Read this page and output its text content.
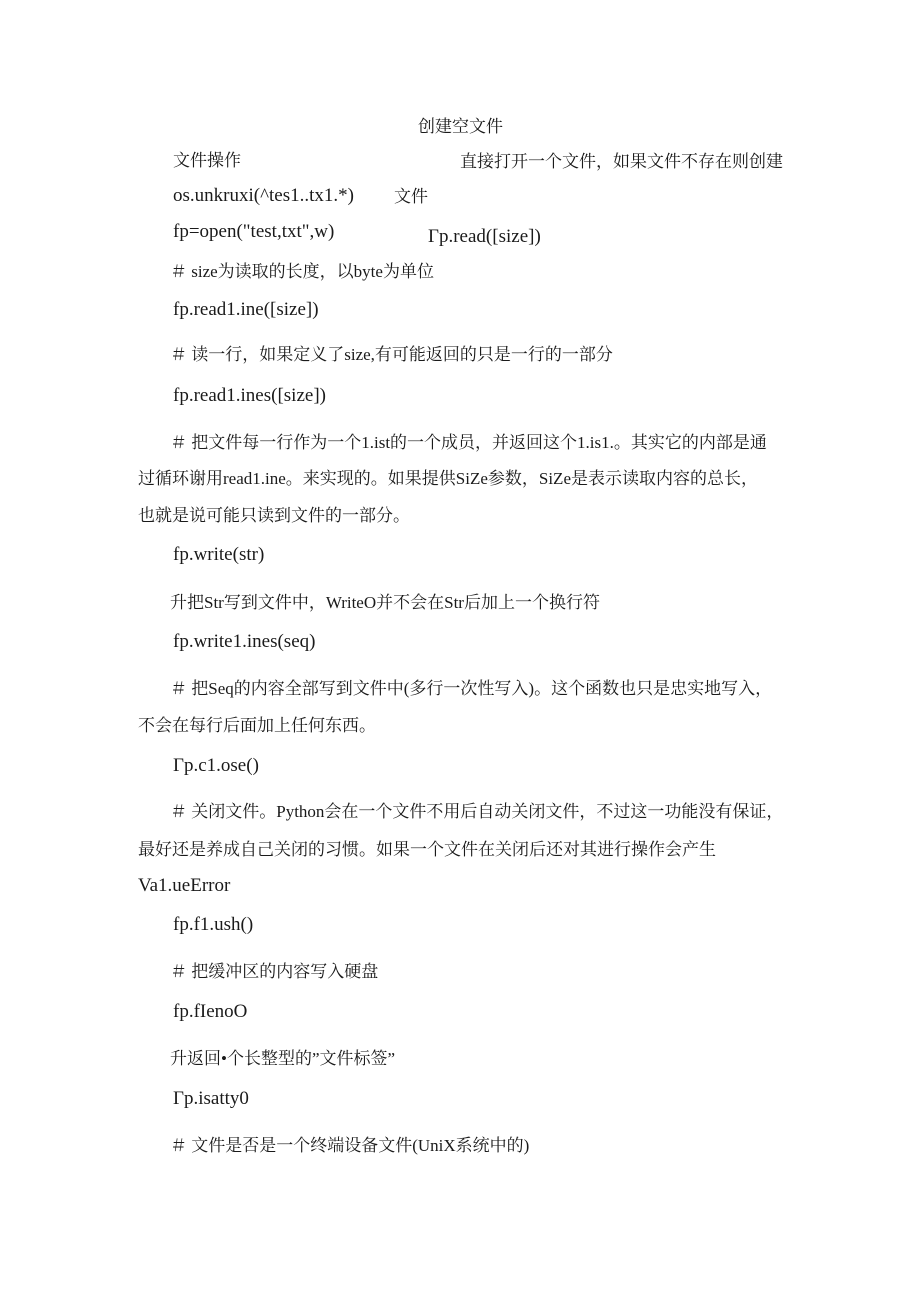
创建空文件
文件操作	直接打开一个文件，如果文件不存在则创建
os.unkruxi(^tes1..tx1.*) 文件
fp=open("test,txt",w)	Γp.read([size])
＃ size为读取的长度，以byte为单位
fp.read1.ine([size])
＃ 读一行，如果定义了size,有可能返回的只是一行的一部分
fp.read1.ines([size])
＃ 把文件每一行作为一个1.ist的一个成员，并返回这个1.is1.。其实它的内部是通
过循环谢用read1.ine。来实现的。如果提供SiZe参数，SiZe是表示读取内容的总长，
也就是说可能只读到文件的一部分。
fp.write(str)
升把Str写到文件中，WriteO并不会在Str后加上一个换行符
fp.write1.ines(seq)
＃ 把Seq的内容全部写到文件中(多行一次性写入)。这个函数也只是忠实地写入，
不会在每行后面加上任何东西。
Γp.c1.ose()
＃ 关闭文件。Python会在一个文件不用后自动关闭文件，不过这一功能没有保证，
最好还是养成自己关闭的习惯。如果一个文件在关闭后还对其进行操作会产生
Va1.ueError
fp.f1.ush()
＃ 把缓冲区的内容写入硬盘
fp.fIenoO
升返回•个长整型的”文件标签”
Γp.isatty0
＃ 文件是否是一个终端设备文件(UniX系统中的)
